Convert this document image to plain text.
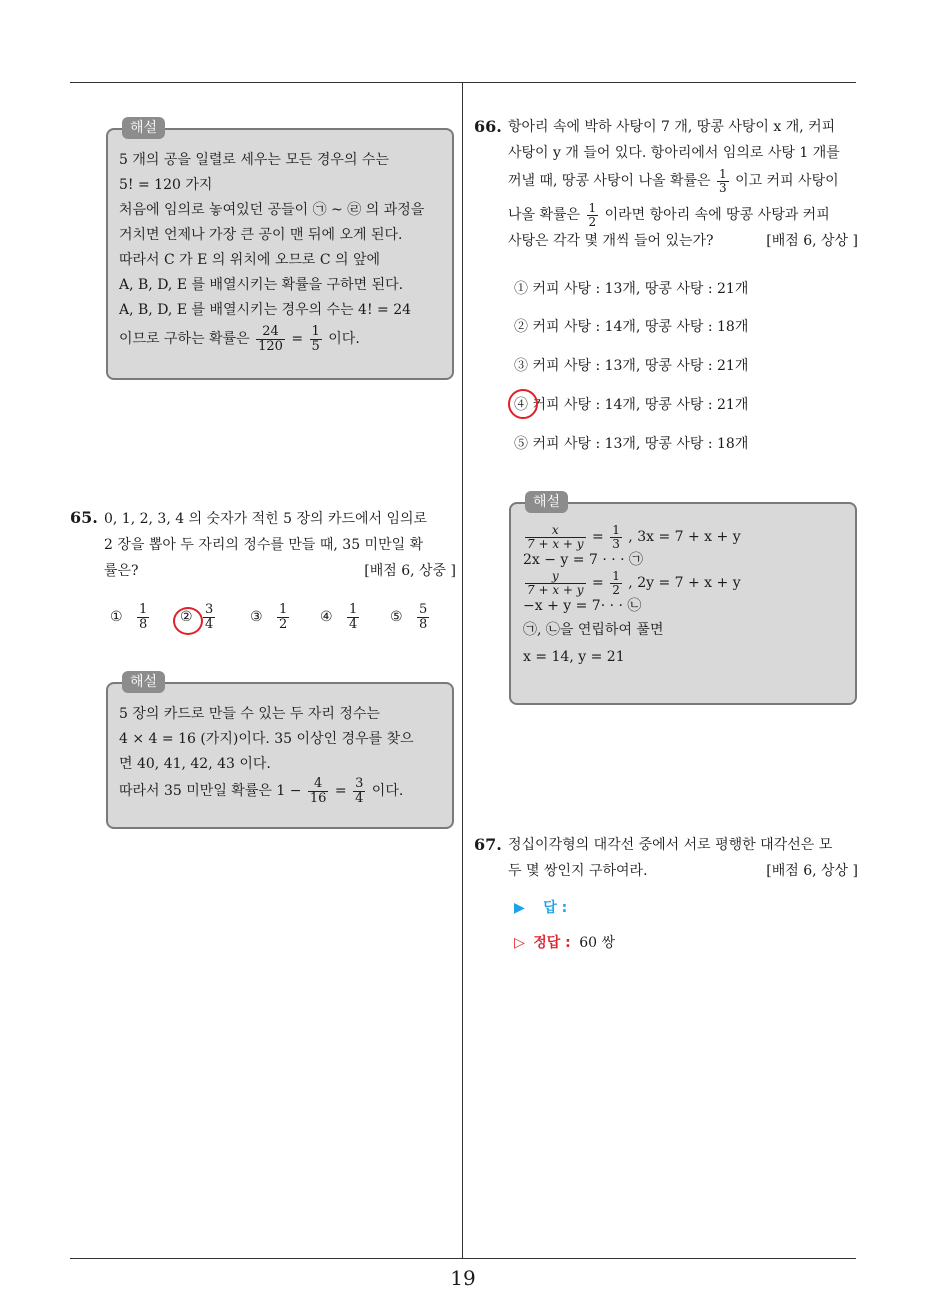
19
해설
5 개의 공을 일렬로 세우는 모든 경우의 수는
5! = 120 가지
처음에 임의로 놓여있던 공들이 ㉠ ~ ㉣ 의 과정을
거치면 언제나 가장 큰 공이 맨 뒤에 오게 된다.
따라서 C 가 E 의 위치에 오므로 C 의 앞에
A, B, D, E 를 배열시키는 확률을 구하면 된다.
A, B, D, E 를 배열시키는 경우의 수는 4! = 24
이므로 구하는 확률은 $\frac{24}{120} = \frac{1}{5}$ 이다.
65. 0, 1, 2, 3, 4 의 숫자가 적힌 5 장의 카드에서 임의로
2 장을 뽑아 두 자리의 정수를 만들 때, 35 미만일 확
률은?	[배점 6, 상중 ]
① $\frac{1}{8}$ ② $\frac{3}{4}$ ③ $\frac{1}{2}$ ④ $\frac{1}{4}$ ⑤ $\frac{5}{8}$
해설
5 장의 카드로 만들 수 있는 두 자리 정수는
4 × 4 = 16 (가지)이다. 35 이상인 경우를 찾으
면 40, 41, 42, 43 이다.
따라서 35 미만일 확률은 $1 - \frac{4}{16} = \frac{3}{4}$ 이다.
66. 항아리 속에 박하 사탕이 7 개, 땅콩 사탕이 x 개, 커피
사탕이 y 개 들어 있다. 항아리에서 임의로 사탕 1 개를
꺼낼 때, 땅콩 사탕이 나올 확률은 $\frac{1}{3}$ 이고 커피 사탕이
나올 확률은 $\frac{1}{2}$ 이라면 항아리 속에 땅콩 사탕과 커피
사탕은 각각 몇 개씩 들어 있는가?	[배점 6, 상상 ]
① 커피 사탕 : 13개, 땅콩 사탕 : 21개
② 커피 사탕 : 14개, 땅콩 사탕 : 18개
③ 커피 사탕 : 13개, 땅콩 사탕 : 21개
④ 커피 사탕 : 14개, 땅콩 사탕 : 21개
⑤ 커피 사탕 : 13개, 땅콩 사탕 : 18개
해설
$\frac{x}{7 + x + y} = \frac{1}{3}$ , 3x = 7 + x + y
2x − y = 7 · · · ㉠
$\frac{y}{7 + x + y} = \frac{1}{2}$ , 2y = 7 + x + y
−x + y = 7· · · ㉡
㉠, ㉡을 연립하여 풀면
x = 14, y = 21
67. 정십이각형의 대각선 중에서 서로 평행한 대각선은 모
두 몇 쌍인지 구하여라.	[배점 6, 상상 ]
▶ 답 :
▷ 정답 : 60 쌍
